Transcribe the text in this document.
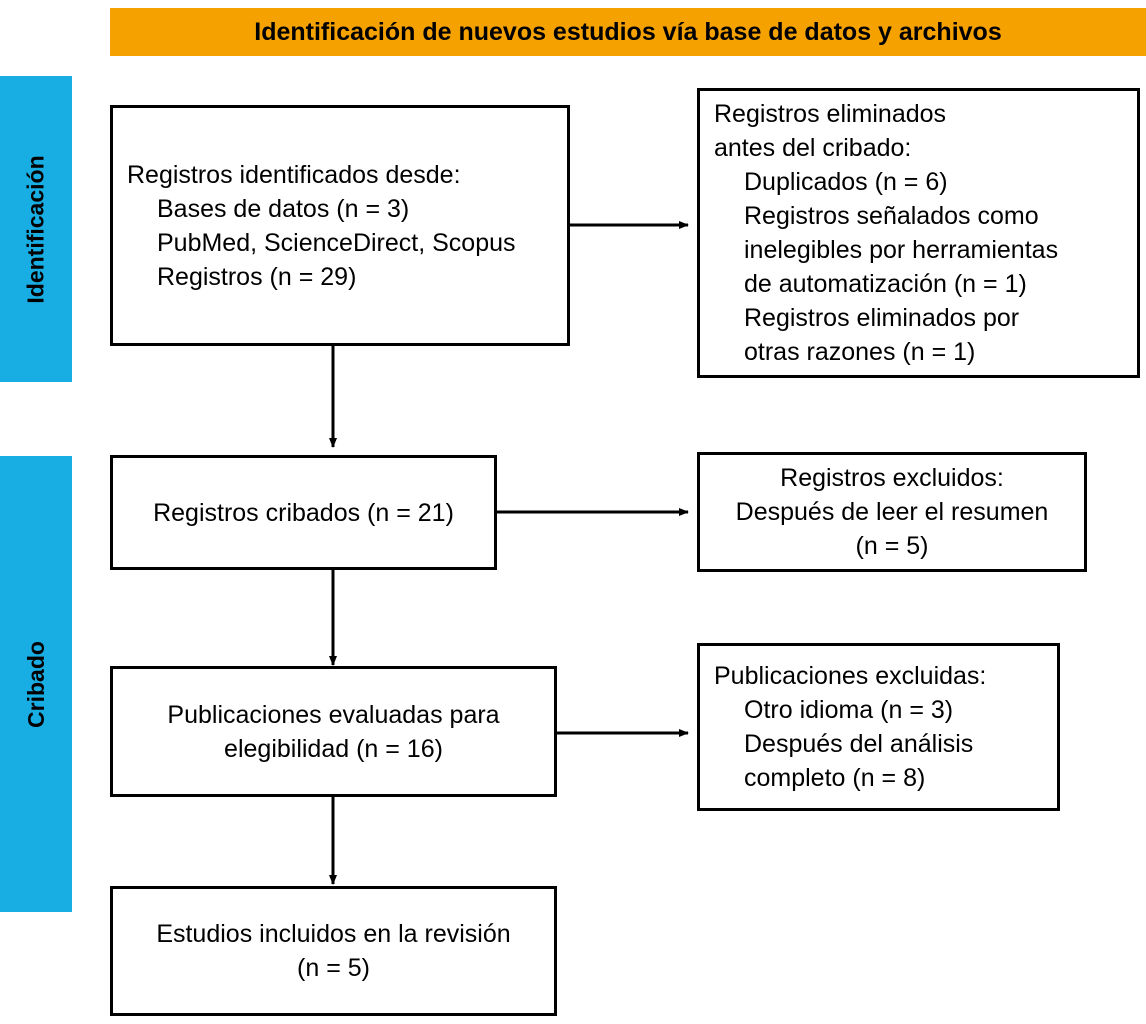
Identificación de nuevos estudios vía base de datos y archivos
Identificación
Cribado
Registros identificados desde:
Bases de datos (n = 3)
PubMed, ScienceDirect, Scopus
Registros (n = 29)
Registros eliminados
antes del cribado:
Duplicados (n = 6)
Registros señalados como
inelegibles por herramientas
de automatización (n = 1)
Registros eliminados por
otras razones (n = 1)
Registros cribados (n = 21)
Registros excluidos:
Después de leer el resumen
(n = 5)
Publicaciones evaluadas para
elegibilidad (n = 16)
Publicaciones excluidas:
Otro idioma (n = 3)
Después del análisis
completo (n = 8)
Estudios incluidos en la revisión
(n = 5)
